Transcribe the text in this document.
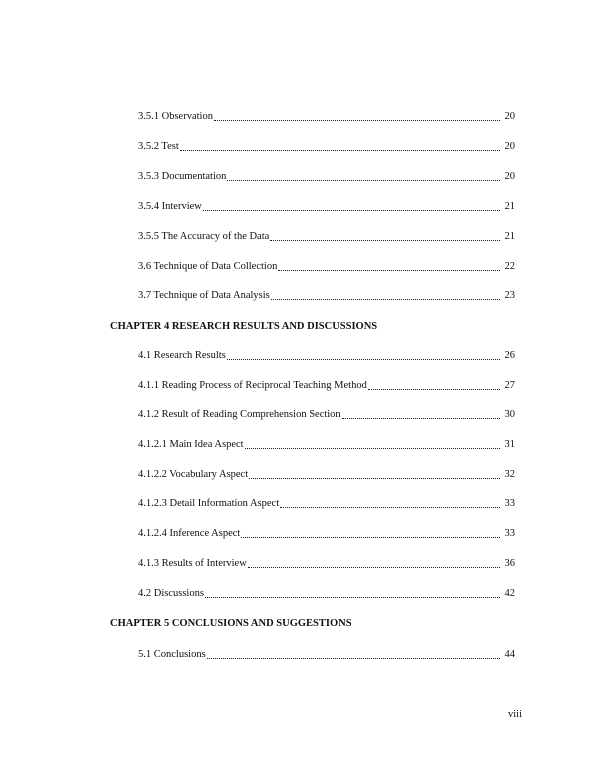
3.5.1 Observation	20
3.5.2 Test	20
3.5.3 Documentation	20
3.5.4 Interview	21
3.5.5 The Accuracy of the Data	21
3.6 Technique of Data Collection	22
3.7 Technique of Data Analysis	23
CHAPTER 4 RESEARCH RESULTS AND DISCUSSIONS
4.1 Research Results	26
4.1.1 Reading Process of Reciprocal Teaching Method	27
4.1.2 Result of Reading Comprehension Section	30
4.1.2.1 Main Idea Aspect	31
4.1.2.2 Vocabulary Aspect	32
4.1.2.3 Detail Information Aspect	33
4.1.2.4 Inference Aspect	33
4.1.3 Results of Interview	36
4.2 Discussions	42
CHAPTER 5 CONCLUSIONS AND SUGGESTIONS
5.1 Conclusions	44
viii
